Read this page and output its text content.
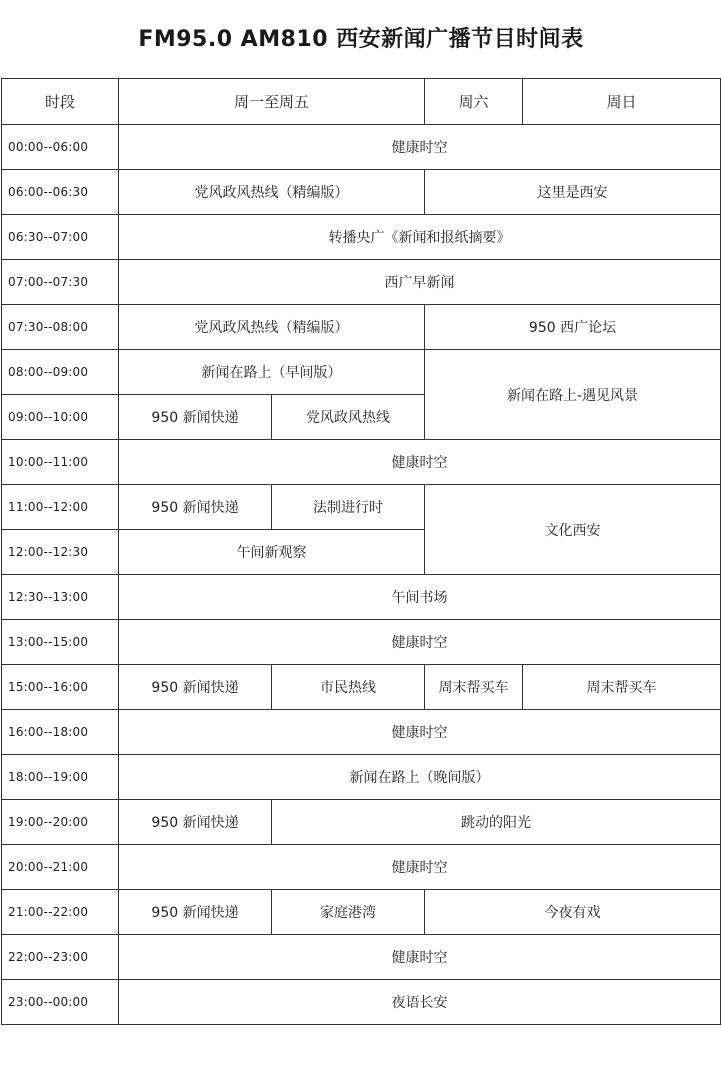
FM95.0 AM810 西安新闻广播节目时间表
时段	周一至周五		周六	周日
00:00--06:00	健康时空			
06:00--06:30	党风政风热线（精编版）		这里是西安	
06:30--07:00	转播央广《新闻和报纸摘要》			
07:00--07:30	西广早新闻			
07:30--08:00	党风政风热线（精编版）		950 西广论坛	
08:00--09:00	新闻在路上（早间版）		新闻在路上-遇见风景	
09:00--10:00	950 新闻快递	党风政风热线		
10:00--11:00	健康时空			
11:00--12:00	950 新闻快递	法制进行时	文化西安	
12:00--12:30	午间新观察			
12:30--13:00	午间书场			
13:00--15:00	健康时空			
15:00--16:00	950 新闻快递	市民热线	周末帮买车	周末帮买车
16:00--18:00	健康时空			
18:00--19:00	新闻在路上（晚间版）			
19:00--20:00	950 新闻快递	跳动的阳光		
20:00--21:00	健康时空			
21:00--22:00	950 新闻快递	家庭港湾	今夜有戏	
22:00--23:00	健康时空			
23:00--00:00	夜语长安			
